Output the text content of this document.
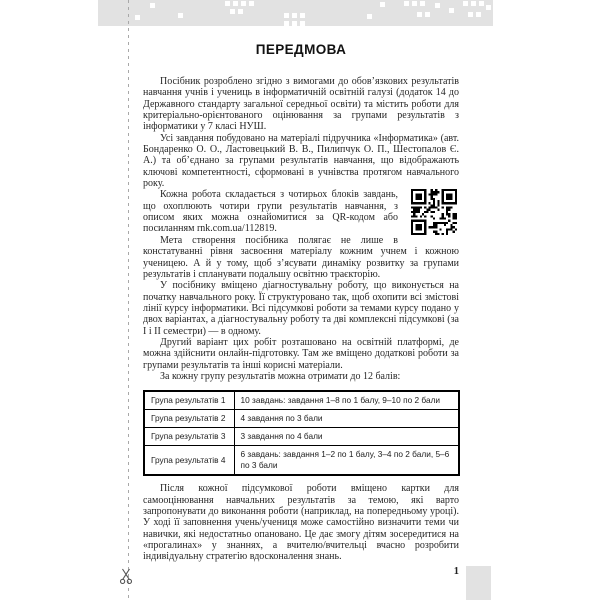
ПЕРЕДМОВА

Посібник розроблено згідно з вимогами до обов’язкових результатів навчання учнів і учениць в інформатичній освітній галузі (додаток 14 до Державного стандарту загальної середньої освіти) та містить роботи для критеріально-орієнтованого оцінювання за групами результатів з інформатики у 7 класі НУШ.

Усі завдання побудовано на матеріалі підручника «Інформатика» (авт. Бондаренко О. О., Ластовецький В. В., Пилипчук О. П., Шестопалов Є. А.) та об’єднано за групами результатів навчання, що відображають ключові компетентності, сформовані в учнівства протягом навчального року.

Кожна робота складається з чотирьох блоків завдань, що охоплюють чотири групи результатів навчання, з описом яких можна ознайомитися за QR-кодом або посиланням rnk.com.ua/112819.

Мета створення посібника полягає не лише в констатуванні рівня засвоєння матеріалу кожним учнем і кожною ученицею. А й у тому, щоб з’ясувати динаміку розвитку за групами результатів і спланувати подальшу освітню траєкторію.

У посібнику вміщено діагностувальну роботу, що виконується на початку навчального року. Її структуровано так, щоб охопити всі змістові лінії курсу інформатики. Всі підсумкові роботи за темами курсу подано у двох варіантах, а діагностувальну роботу та дві комплексні підсумкові (за І і ІІ семестри) — в одному.

Другий варіант цих робіт розташовано на освітній платформі, де можна здійснити онлайн-підготовку. Там же вміщено додаткові роботи за групами результатів та інші корисні матеріали.

За кожну групу результатів можна отримати до 12 балів:

Група результатів 1	10 завдань: завдання 1–8 по 1 балу, 9–10 по 2 бали
Група результатів 2	4 завдання по 3 бали
Група результатів 3	3 завдання по 4 бали
Група результатів 4	6 завдань: завдання 1–2 по 1 балу, 3–4 по 2 бали, 5–6 по 3 бали

Після кожної підсумкової роботи вміщено картки для самооцінювання навчальних результатів за темою, які варто запропонувати до виконання роботи (наприклад, на попередньому уроці). У ході її заповнення учень/учениця може самостійно визначити теми чи навички, які недостатньо опановано. Це дає змогу дітям зосередитися на «прогалинах» у знаннях, а вчителю/вчительці вчасно розробити індивідуальну стратегію вдосконалення знань.

1
